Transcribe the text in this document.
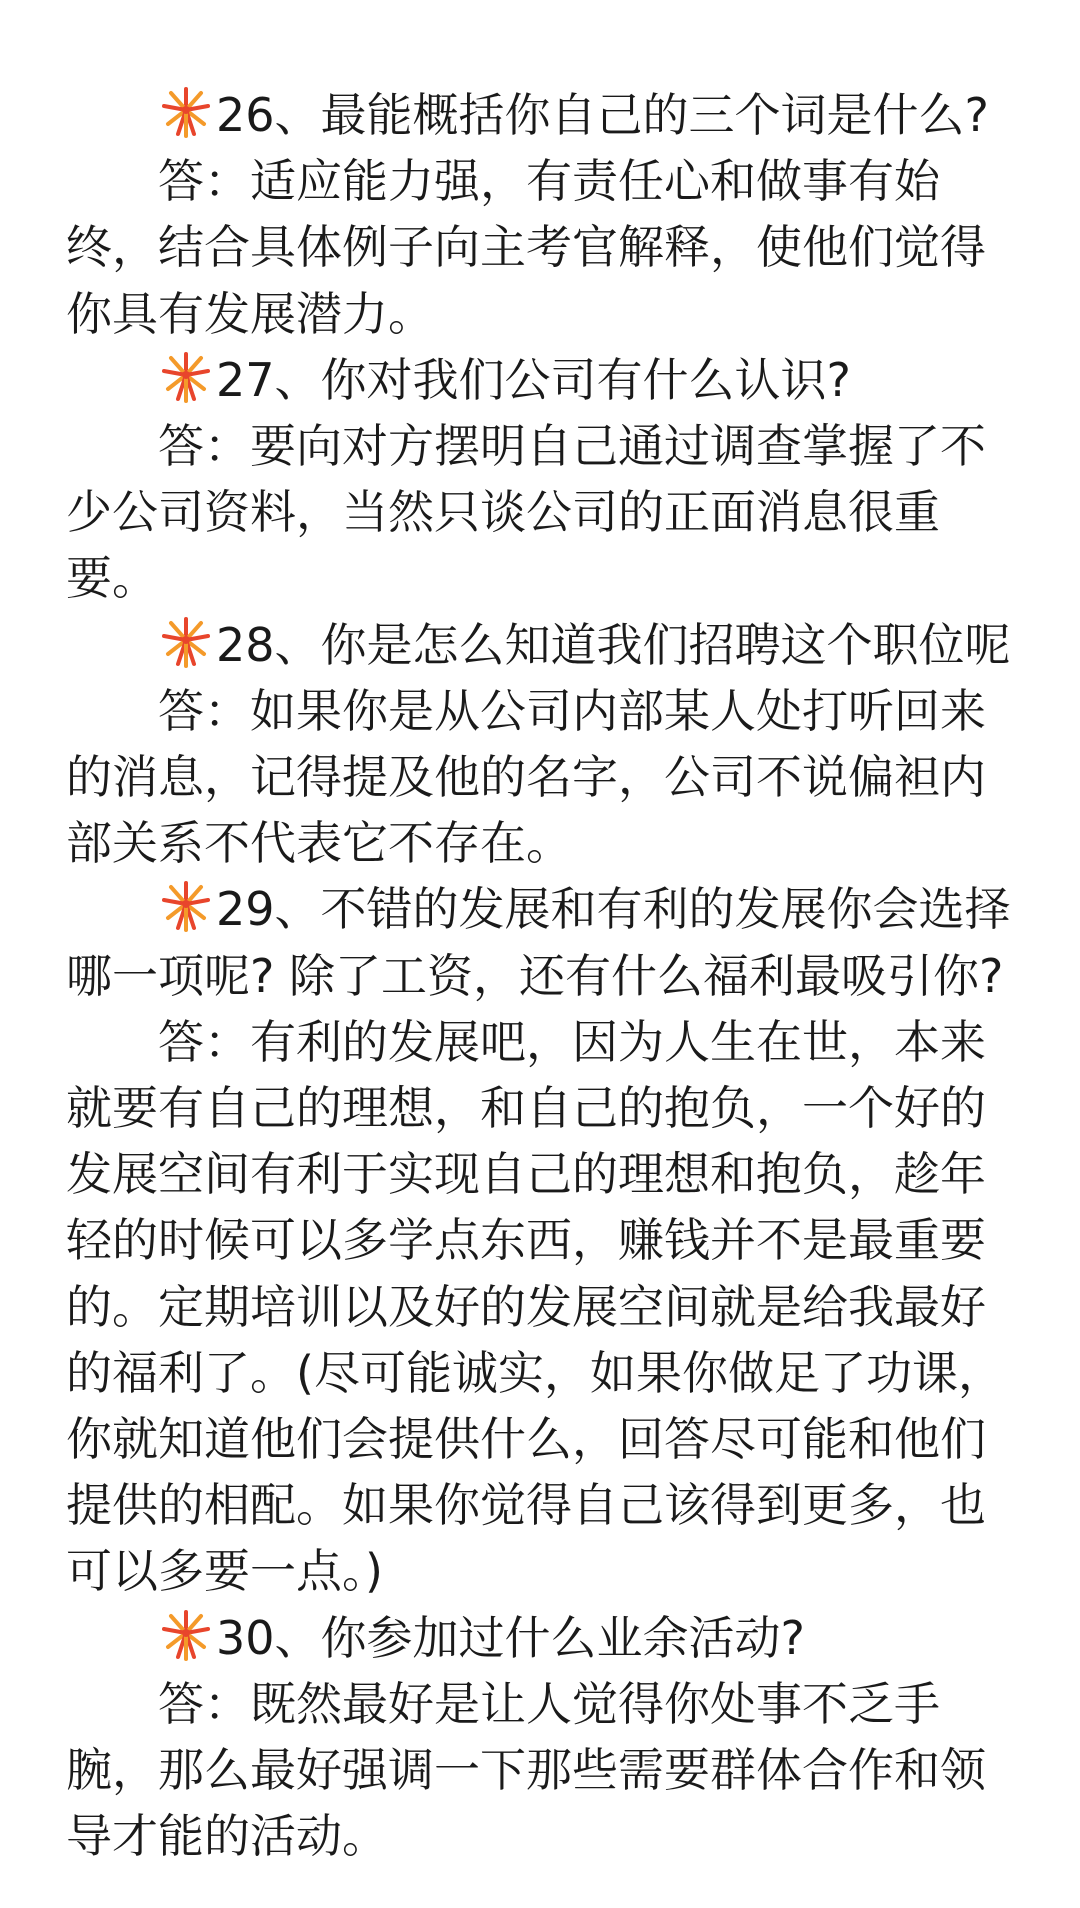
26、最能概括你自己的三个词是什么?

答：适应能力强，有责任心和做事有始终，结合具体例子向主考官解释，使他们觉得你具有发展潜力。

27、你对我们公司有什么认识?

答：要向对方摆明自己通过调查掌握了不少公司资料，当然只谈公司的正面消息很重要。

28、你是怎么知道我们招聘这个职位呢

答：如果你是从公司内部某人处打听回来的消息，记得提及他的名字，公司不说偏袒内部关系不代表它不存在。

29、不错的发展和有利的发展你会选择哪一项呢? 除了工资，还有什么福利最吸引你?

答：有利的发展吧，因为人生在世，本来就要有自己的理想，和自己的抱负，一个好的发展空间有利于实现自己的理想和抱负，趁年轻的时候可以多学点东西，赚钱并不是最重要的。定期培训以及好的发展空间就是给我最好的福利了。(尽可能诚实，如果你做足了功课，你就知道他们会提供什么，回答尽可能和他们提供的相配。如果你觉得自己该得到更多，也可以多要一点。)

30、你参加过什么业余活动?

答：既然最好是让人觉得你处事不乏手腕，那么最好强调一下那些需要群体合作和领导才能的活动。
